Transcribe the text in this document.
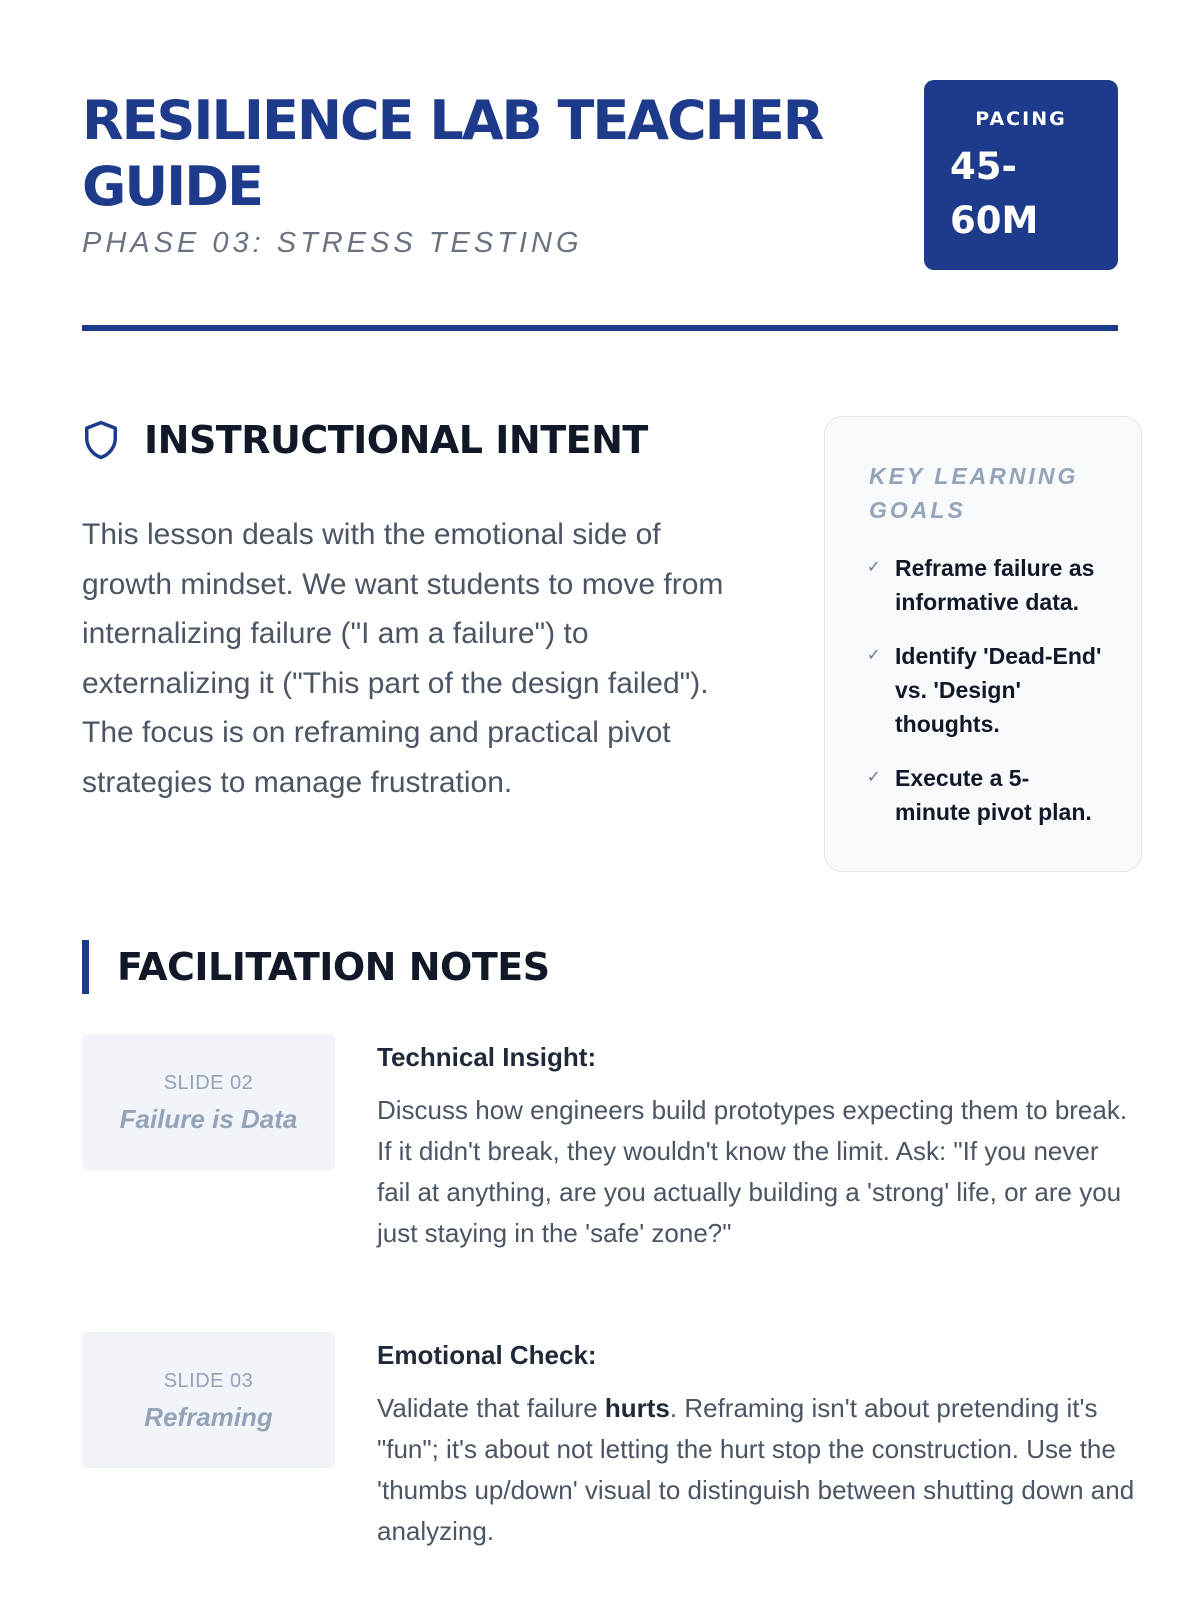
RESILIENCE LAB TEACHER GUIDE
PHASE 03: STRESS TESTING
PACING
45-60M
INSTRUCTIONAL INTENT

This lesson deals with the emotional side of growth mindset. We want students to move from internalizing failure ("I am a failure") to externalizing it ("This part of the design failed"). The focus is on reframing and practical pivot strategies to manage frustration.

KEY LEARNING GOALS
✓ Reframe failure as informative data.
✓ Identify 'Dead-End' vs. 'Design' thoughts.
✓ Execute a 5-minute pivot plan.
FACILITATION NOTES
SLIDE 02
Failure is Data
Technical Insight:

Discuss how engineers build prototypes expecting them to break. If it didn't break, they wouldn't know the limit. Ask: "If you never fail at anything, are you actually building a 'strong' life, or are you just staying in the 'safe' zone?"

SLIDE 03
Reframing
Emotional Check:

Validate that failure hurts. Reframing isn't about pretending it's "fun"; it's about not letting the hurt stop the construction. Use the 'thumbs up/down' visual to distinguish between shutting down and analyzing.
